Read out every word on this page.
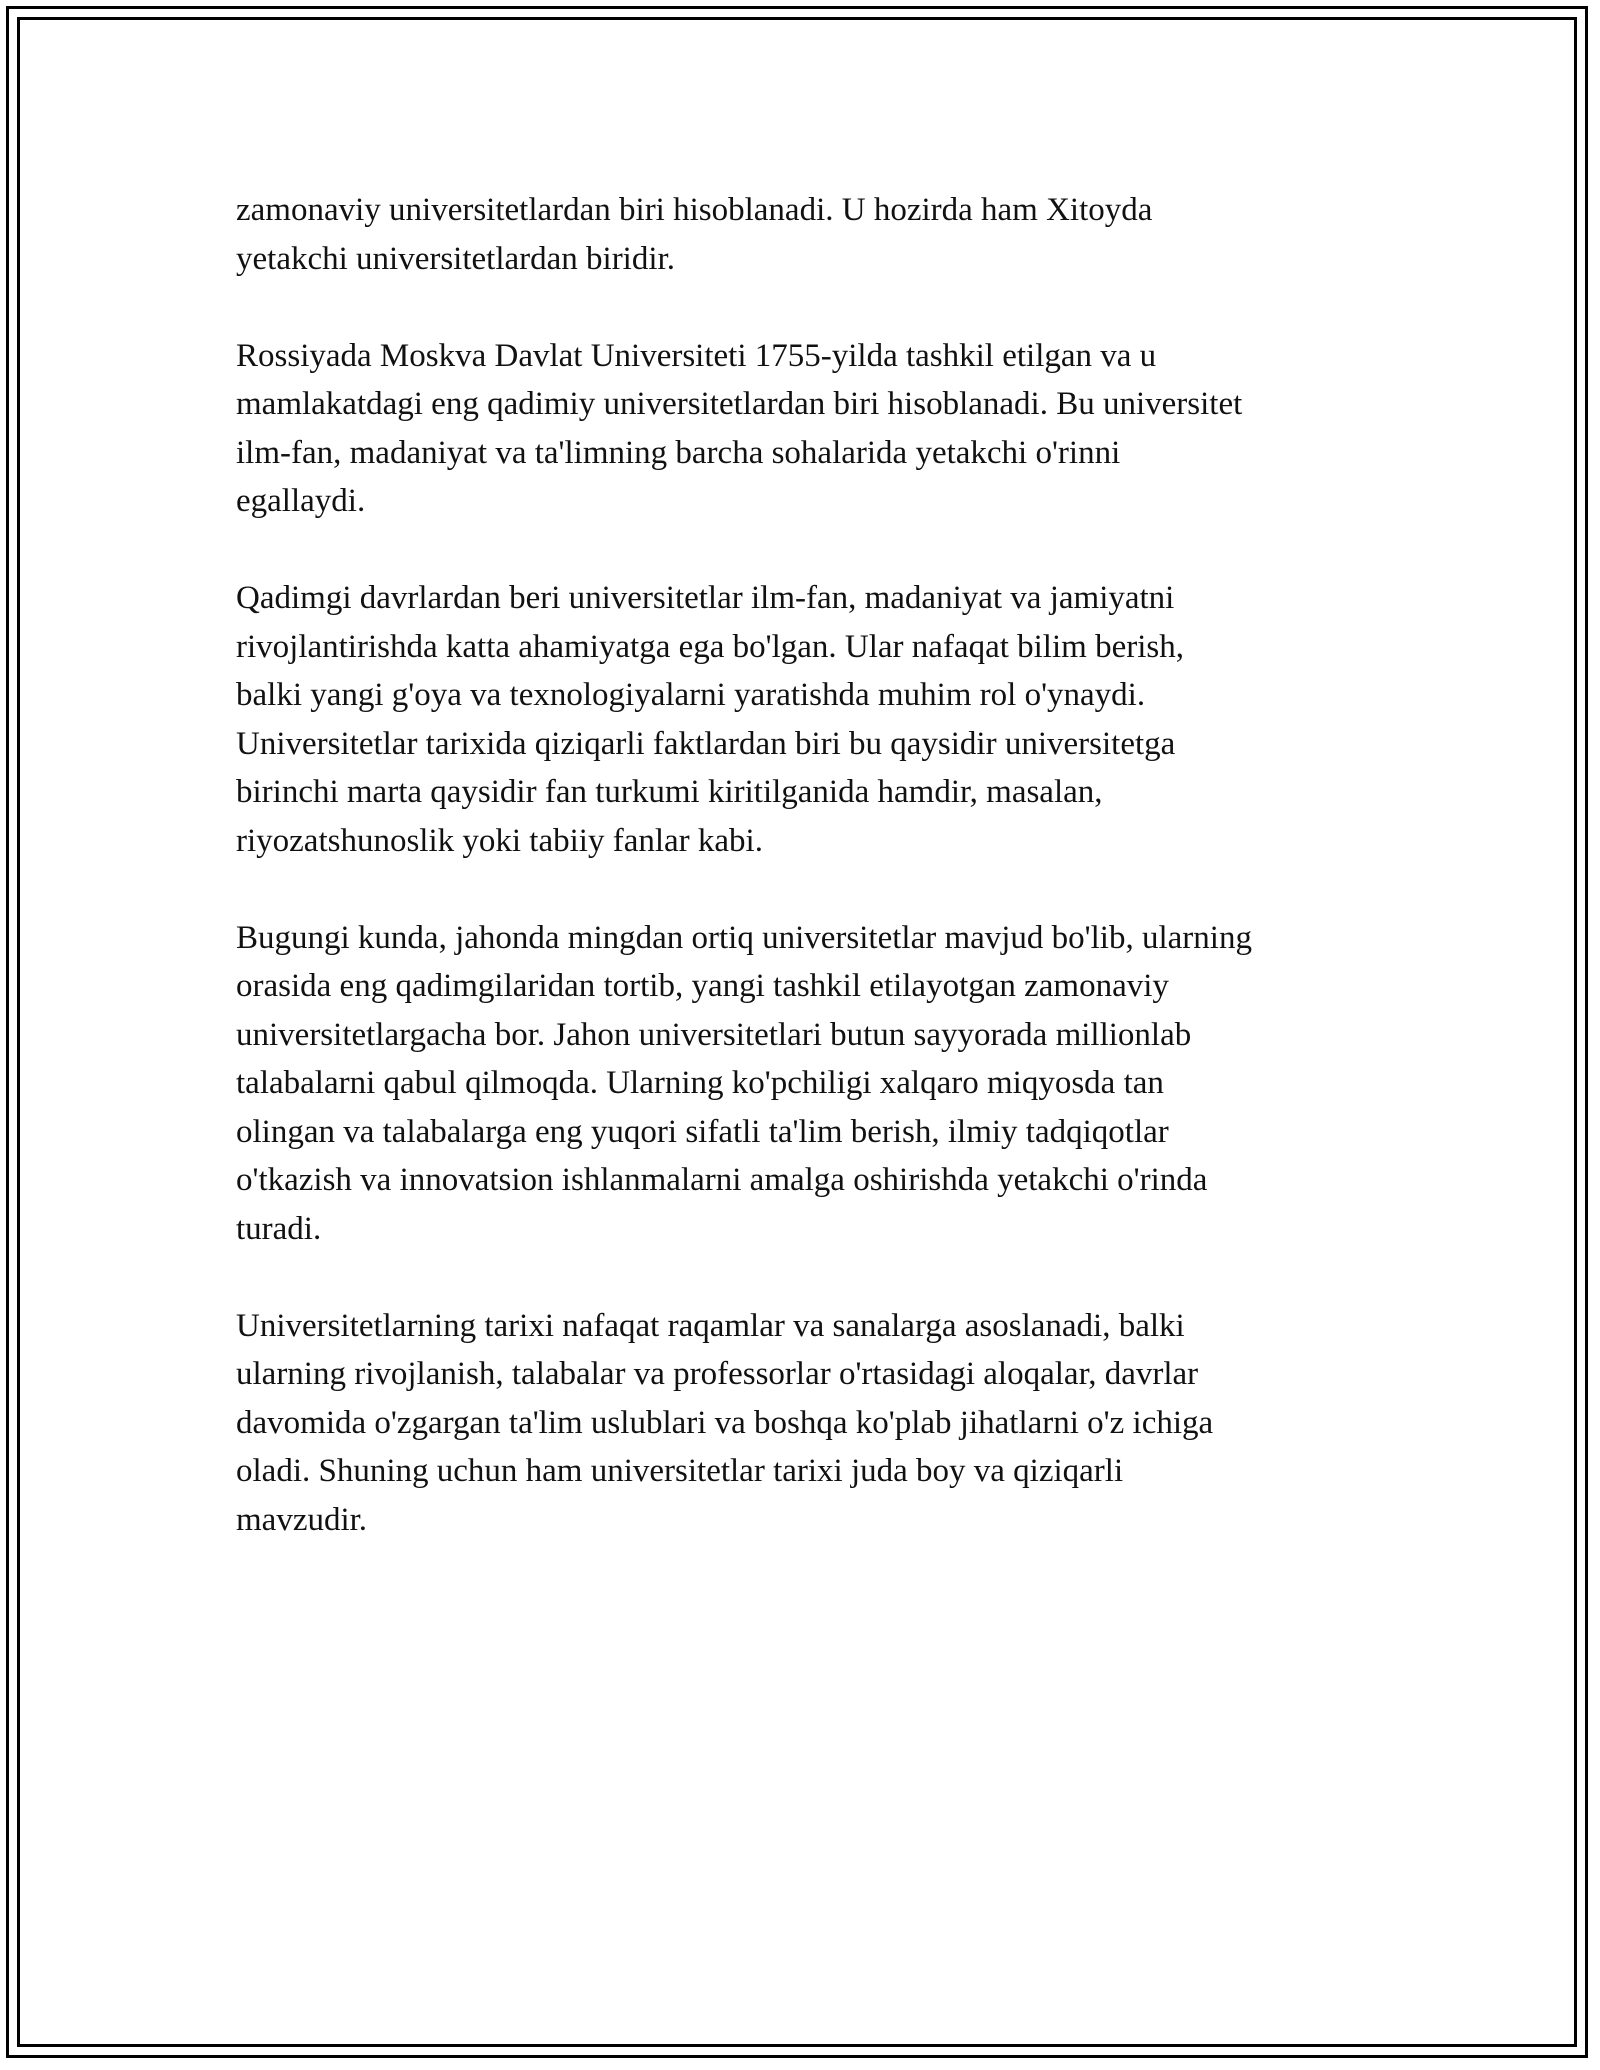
zamonaviy universitetlardan biri hisoblanadi. U hozirda ham Xitoyda
yetakchi universitetlardan biridir.

Rossiyada Moskva Davlat Universiteti 1755-yilda tashkil etilgan va u
mamlakatdagi eng qadimiy universitetlardan biri hisoblanadi. Bu universitet
ilm-fan, madaniyat va ta'limning barcha sohalarida yetakchi o'rinni
egallaydi.

Qadimgi davrlardan beri universitetlar ilm-fan, madaniyat va jamiyatni
rivojlantirishda katta ahamiyatga ega bo'lgan. Ular nafaqat bilim berish,
balki yangi g'oya va texnologiyalarni yaratishda muhim rol o'ynaydi.
Universitetlar tarixida qiziqarli faktlardan biri bu qaysidir universitetga
birinchi marta qaysidir fan turkumi kiritilganida hamdir, masalan,
riyozatshunoslik yoki tabiiy fanlar kabi.

Bugungi kunda, jahonda mingdan ortiq universitetlar mavjud bo'lib, ularning
orasida eng qadimgilaridan tortib, yangi tashkil etilayotgan zamonaviy
universitetlargacha bor. Jahon universitetlari butun sayyorada millionlab
talabalarni qabul qilmoqda. Ularning ko'pchiligi xalqaro miqyosda tan
olingan va talabalarga eng yuqori sifatli ta'lim berish, ilmiy tadqiqotlar
o'tkazish va innovatsion ishlanmalarni amalga oshirishda yetakchi o'rinda
turadi.

Universitetlarning tarixi nafaqat raqamlar va sanalarga asoslanadi, balki
ularning rivojlanish, talabalar va professorlar o'rtasidagi aloqalar, davrlar
davomida o'zgargan ta'lim uslublari va boshqa ko'plab jihatlarni o'z ichiga
oladi. Shuning uchun ham universitetlar tarixi juda boy va qiziqarli
mavzudir.
